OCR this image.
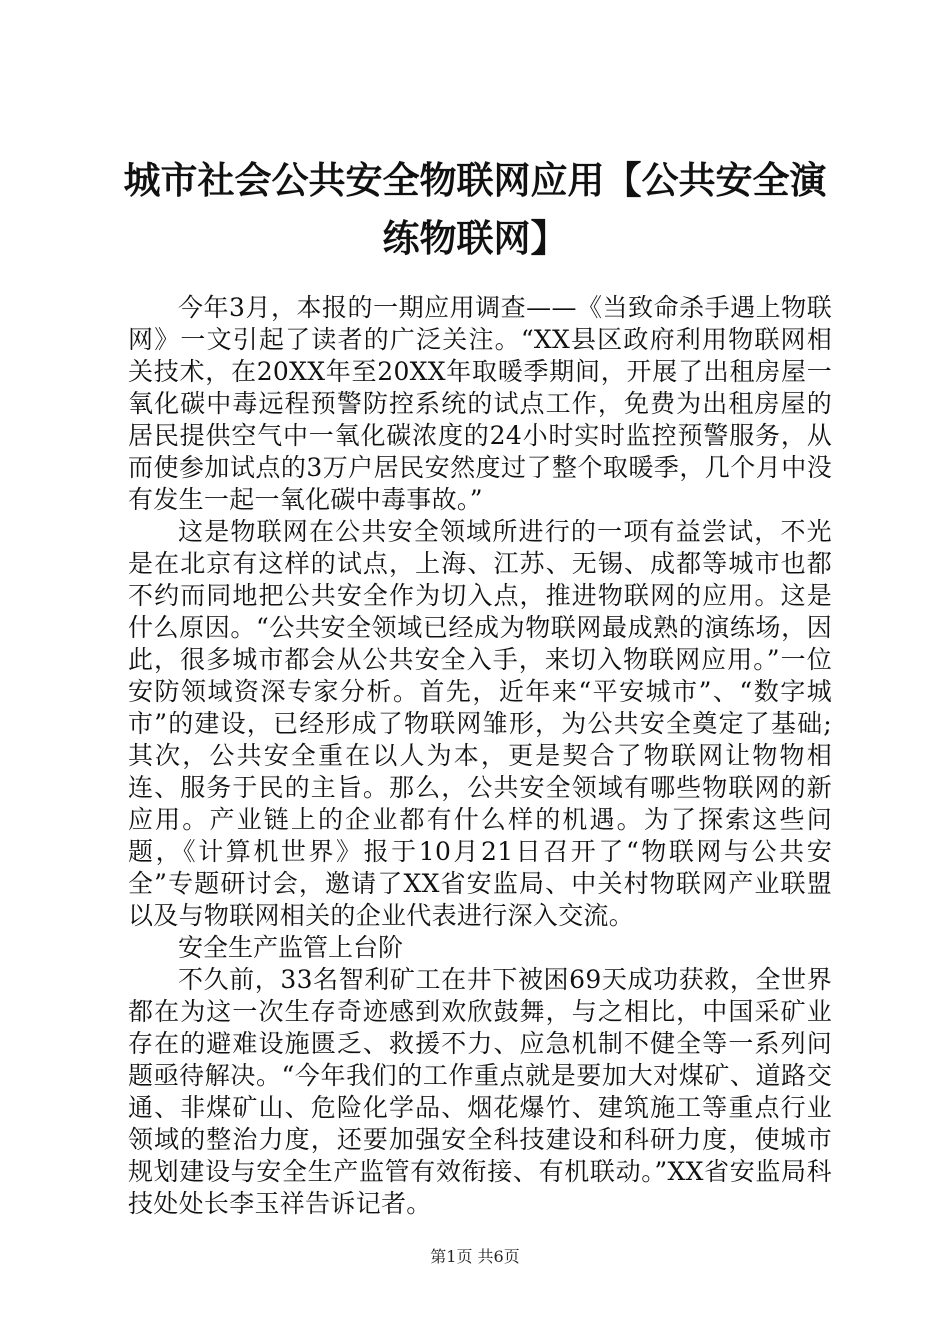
城市社会公共安全物联网应用【公共安全演练物联网】

今年3月，本报的一期应用调查——《当致命杀手遇上物联网》一文引起了读者的广泛关注。“XX县区政府利用物联网相关技术，在20XX年至20XX年取暖季期间，开展了出租房屋一氧化碳中毒远程预警防控系统的试点工作，免费为出租房屋的居民提供空气中一氧化碳浓度的24小时实时监控预警服务，从而使参加试点的3万户居民安然度过了整个取暖季，几个月中没有发生一起一氧化碳中毒事故。”

这是物联网在公共安全领域所进行的一项有益尝试，不光是在北京有这样的试点，上海、江苏、无锡、成都等城市也都不约而同地把公共安全作为切入点，推进物联网的应用。这是什么原因。“公共安全领域已经成为物联网最成熟的演练场，因此，很多城市都会从公共安全入手，来切入物联网应用。”一位安防领域资深专家分析。首先，近年来“平安城市”、“数字城市”的建设，已经形成了物联网雏形，为公共安全奠定了基础;其次，公共安全重在以人为本，更是契合了物联网让物物相连、服务于民的主旨。那么，公共安全领域有哪些物联网的新应用。产业链上的企业都有什么样的机遇。为了探索这些问题，《计算机世界》报于10月21日召开了“物联网与公共安全”专题研讨会，邀请了XX省安监局、中关村物联网产业联盟以及与物联网相关的企业代表进行深入交流。

安全生产监管上台阶

不久前，33名智利矿工在井下被困69天成功获救，全世界都在为这一次生存奇迹感到欢欣鼓舞，与之相比，中国采矿业存在的避难设施匮乏、救援不力、应急机制不健全等一系列问题亟待解决。“今年我们的工作重点就是要加大对煤矿、道路交通、非煤矿山、危险化学品、烟花爆竹、建筑施工等重点行业领域的整治力度，还要加强安全科技建设和科研力度，使城市规划建设与安全生产监管有效衔接、有机联动。”XX省安监局科技处处长李玉祥告诉记者。

第1页 共6页
